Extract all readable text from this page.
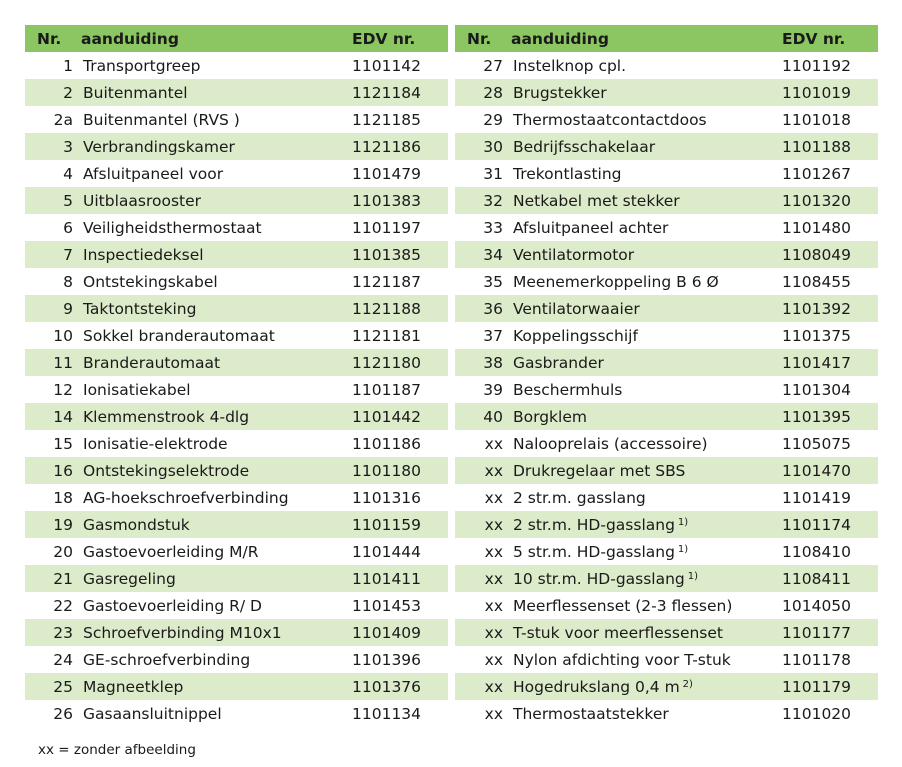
Nr.	aanduiding	EDV nr.
1	Transportgreep	1101142
2	Buitenmantel	1121184
2a	Buitenmantel (RVS )	1121185
3	Verbrandingskamer	1121186
4	Afsluitpaneel voor	1101479
5	Uitblaasrooster	1101383
6	Veiligheidsthermostaat	1101197
7	Inspectiedeksel	1101385
8	Ontstekingskabel	1121187
9	Taktontsteking	1121188
10	Sokkel branderautomaat	1121181
11	Branderautomaat	1121180
12	Ionisatiekabel	1101187
14	Klemmenstrook 4-dlg	1101442
15	Ionisatie-elektrode	1101186
16	Ontstekingselektrode	1101180
18	AG-hoekschroefverbinding	1101316
19	Gasmondstuk	1101159
20	Gastoevoerleiding M/R	1101444
21	Gasregeling	1101411
22	Gastoevoerleiding R/ D	1101453
23	Schroefverbinding M10x1	1101409
24	GE-schroefverbinding	1101396
25	Magneetklep	1101376
26	Gasaansluitnippel	1101134
Nr.	aanduiding	EDV nr.
27	Instelknop cpl.	1101192
28	Brugstekker	1101019
29	Thermostaatcontactdoos	1101018
30	Bedrijfsschakelaar	1101188
31	Trekontlasting	1101267
32	Netkabel met stekker	1101320
33	Afsluitpaneel achter	1101480
34	Ventilatormotor	1108049
35	Meenemerkoppeling B 6 Ø	1108455
36	Ventilatorwaaier	1101392
37	Koppelingsschijf	1101375
38	Gasbrander	1101417
39	Beschermhuls	1101304
40	Borgklem	1101395
xx	Nalooprelais (accessoire)	1105075
xx	Drukregelaar met SBS	1101470
xx	2 str.m. gasslang	1101419
xx	2 str.m. HD-gasslang $^{1)}$	1101174
xx	5 str.m. HD-gasslang $^{1)}$	1108410
xx	10 str.m. HD-gasslang $^{1)}$	1108411
xx	Meerflessenset (2-3 flessen)	1014050
xx	T-stuk voor meerflessenset	1101177
xx	Nylon afdichting voor T-stuk	1101178
xx	Hogedrukslang 0,4 m $^{2)}$	1101179
xx	Thermostaatstekker	1101020
xx = zonder afbeelding
